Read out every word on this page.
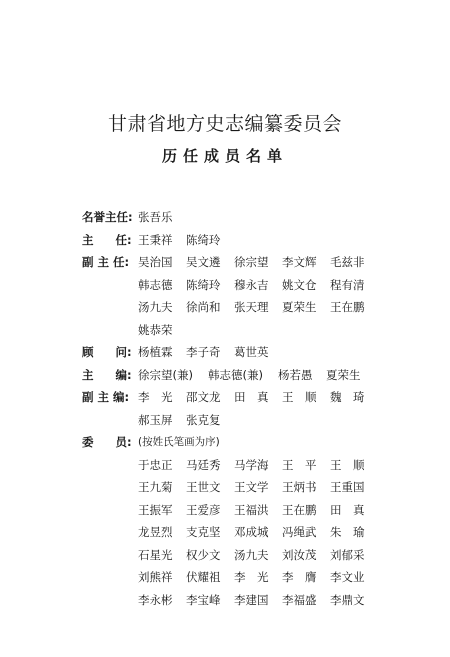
甘肃省地方史志编纂委员会
历任成员名单
名誉主任: 张吾乐
主 任: 王秉祥	陈绮玲
副 主 任: 吴治国	吴文遴	徐宗望	李文辉	毛兹非
韩志德	陈绮玲	穆永吉	姚文仓	程有清
汤九夫	徐尚和	张天理	夏荣生	王在鹏
姚恭荣
顾 问: 杨植霖	李子奇	葛世英
主 编: 徐宗望(兼)	韩志德(兼)	杨若愚	夏荣生
副 主 编: 李　光	邵文龙	田　真	王　顺	魏　琦
郝玉屏	张克复
委 员: (按姓氏笔画为序)
于忠正	马廷秀	马学海	王　平	王　顺
王九菊	王世文	王文学	王炳书	王重国
王振军	王爱彦	王福洪	王在鹏	田　真
龙昱烈	支克坚	邓成城	冯绳武	朱　瑜
石星光	权少文	汤九夫	刘汝茂	刘郁采
刘熊祥	伏耀祖	李　光	李　膺	李文业
李永彬	李宝峰	李建国	李福盛	李鼎文
